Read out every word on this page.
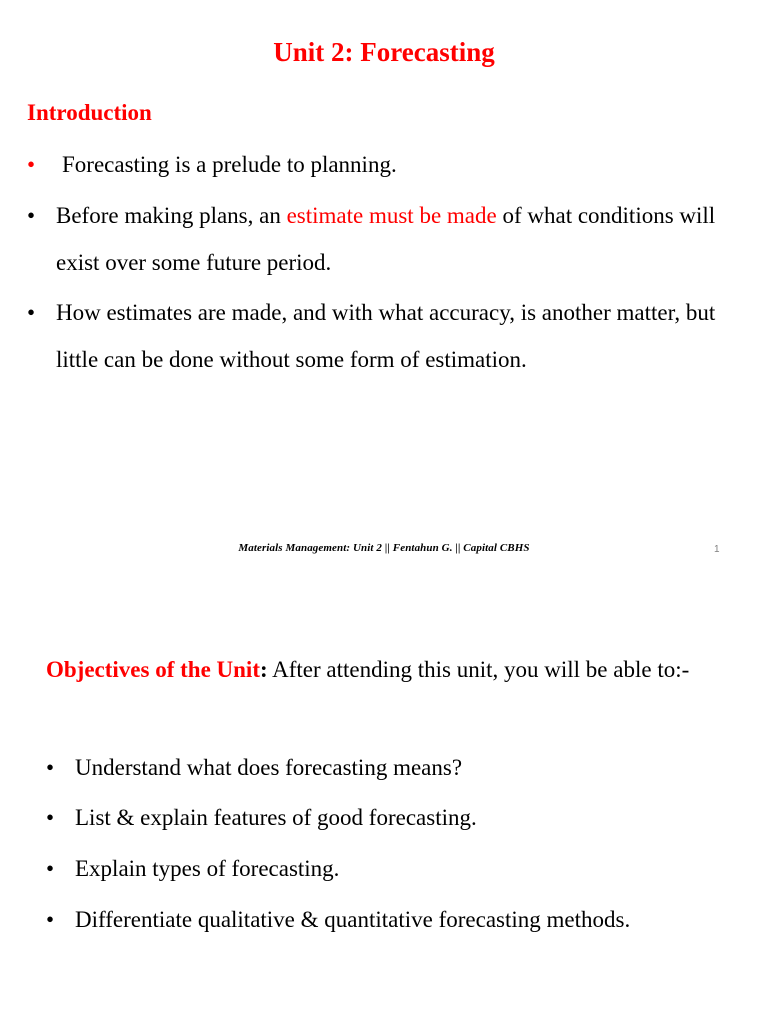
Unit 2: Forecasting
Introduction
•	Forecasting is a prelude to planning.
• Before making plans, an estimate must be made of what conditions will exist over some future period.
• How estimates are made, and with what accuracy, is another matter, but little can be done without some form of estimation.
Materials Management: Unit 2 || Fentahun G. || Capital CBHS	1
Objectives of the Unit: After attending this unit, you will be able to:-
• Understand what does forecasting means?
• List & explain features of good forecasting.
• Explain types of forecasting.
• Differentiate qualitative & quantitative forecasting methods.
